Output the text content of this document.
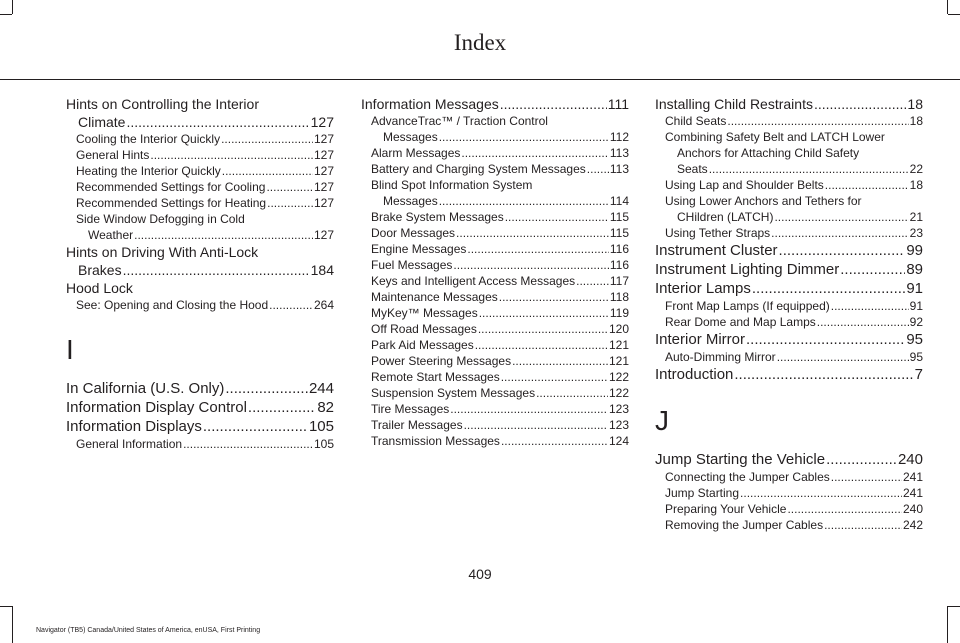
Index
Hints on Controlling the Interior
Climate .....	127
Cooling the Interior Quickly .....	127
General Hints .....	127
Heating the Interior Quickly .....	127
Recommended Settings for Cooling .....	127
Recommended Settings for Heating .....	127
Side Window Defogging in Cold
Weather .....	127
Hints on Driving With Anti-Lock
Brakes .....	184
Hood Lock
See: Opening and Closing the Hood .....	264
I
In California (U.S. Only) .....	244
Information Display Control .....	82
Information Displays .....	105
General Information .....	105
Information Messages .....	111
AdvanceTrac™ / Traction Control
Messages .....	112
Alarm Messages .....	113
Battery and Charging System Messages ..... 113
Blind Spot Information System
Messages .....	114
Brake System Messages .....	115
Door Messages .....	115
Engine Messages .....	116
Fuel Messages .....	116
Keys and Intelligent Access Messages .....	117
Maintenance Messages .....	118
MyKey™ Messages .....	119
Off Road Messages .....	120
Park Aid Messages .....	121
Power Steering Messages .....	121
Remote Start Messages .....	122
Suspension System Messages .....	122
Tire Messages .....	123
Trailer Messages .....	123
Transmission Messages .....	124
Installing Child Restraints .....	18
Child Seats .....	18
Combining Safety Belt and LATCH Lower
Anchors for Attaching Child Safety
Seats .....	22
Using Lap and Shoulder Belts .....	18
Using Lower Anchors and Tethers for
CHildren (LATCH) .....	21
Using Tether Straps .....	23
Instrument Cluster .....	99
Instrument Lighting Dimmer .....	89
Interior Lamps .....	91
Front Map Lamps (If equipped) .....	91
Rear Dome and Map Lamps .....	92
Interior Mirror .....	95
Auto-Dimming Mirror .....	95
Introduction .....	7
J
Jump Starting the Vehicle .....	240
Connecting the Jumper Cables .....	241
Jump Starting .....	241
Preparing Your Vehicle .....	240
Removing the Jumper Cables .....	242
409
Navigator (TB5) Canada/United States of America, enUSA, First Printing
